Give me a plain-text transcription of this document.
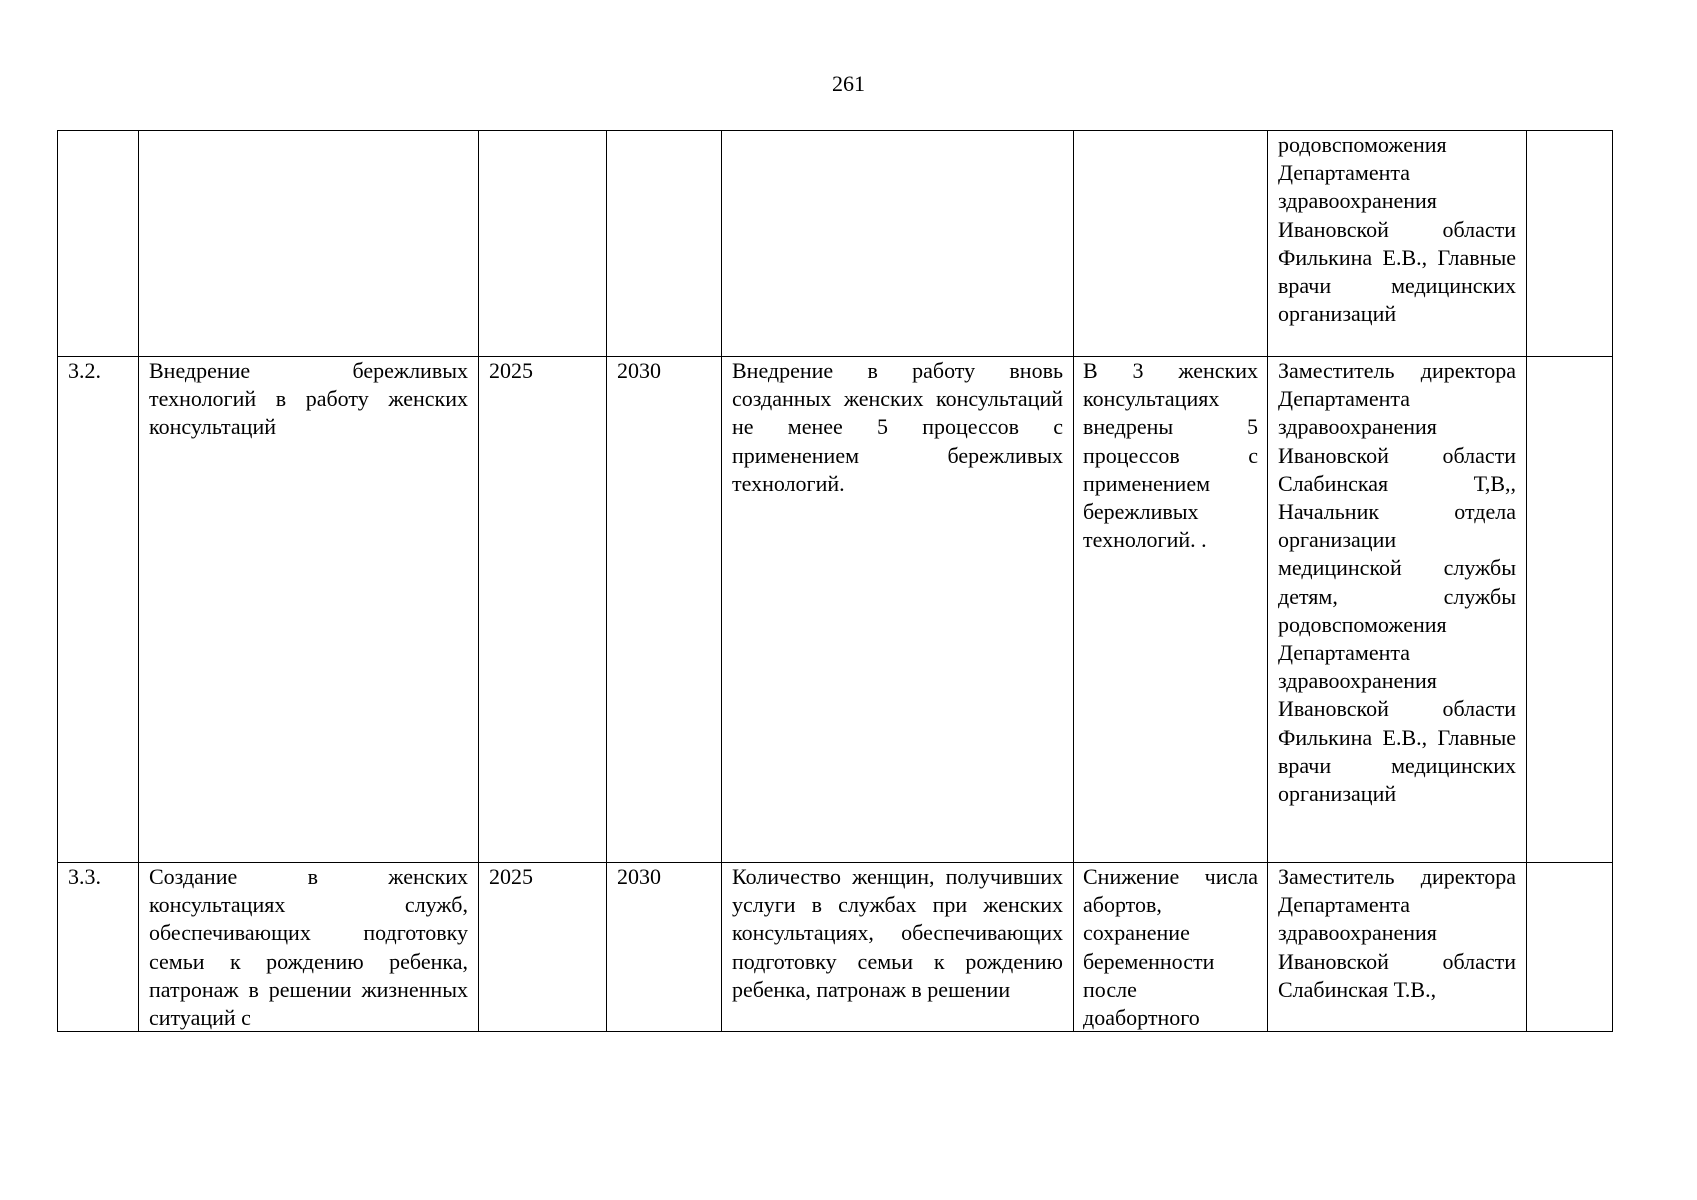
261
						родовспоможения Департамента здравоохранения Ивановской области Филькина Е.В., Главные врачи медицинских организаций	
3.2.	Внедрение бережливых технологий в работу женских консультаций	2025	2030	Внедрение в работу вновь созданных женских консультаций не менее 5 процессов с применением бережливых технологий.	В 3 женских консультациях внедрены 5 процессов с применением бережливых технологий. .	Заместитель директора Департамента здравоохранения Ивановской области Слабинская Т,В,, Начальник отдела организации медицинской службы детям, службы родовспоможения Департамента здравоохранения Ивановской области Филькина Е.В., Главные врачи медицинских организаций	

3.3.	Создание в женских консультациях служб, обеспечивающих подготовку семьи к рождению ребенка, патронаж в решении жизненных ситуаций с	2025	2030	Количество женщин, получивших услуги в службах при женских консультациях, обеспечивающих подготовку семьи к рождению ребенка, патронаж в решении	Снижение числа абортов, сохранение беременности после доабортного	Заместитель директора Департамента здравоохранения Ивановской области Слабинская Т.В.,	
